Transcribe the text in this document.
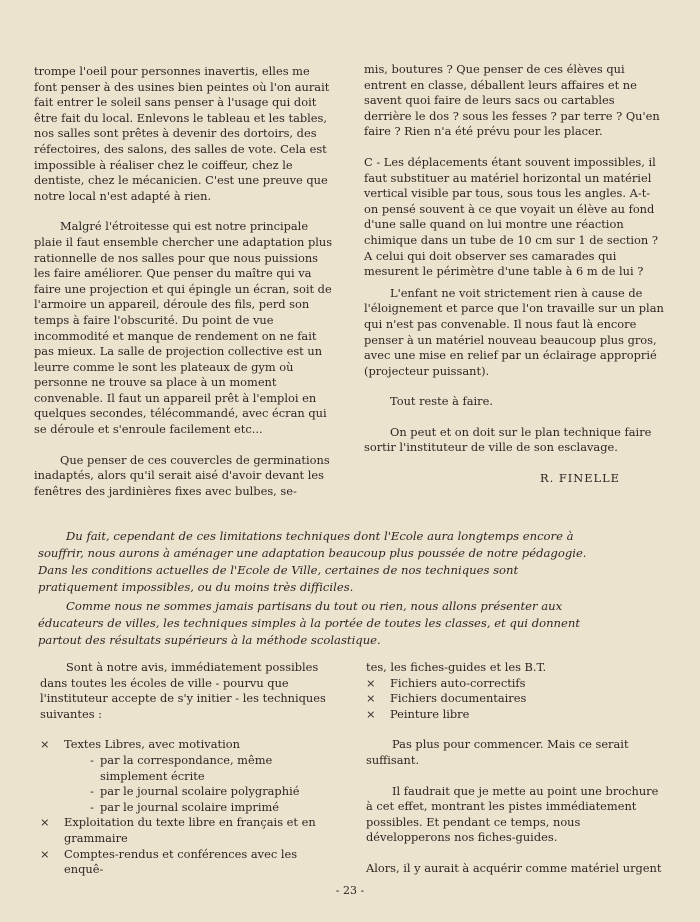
trompe l'oeil pour personnes inavertis, elles me font penser à des usines bien peintes où l'on aurait fait entrer le soleil sans penser à l'usage qui doit être fait du local. Enlevons le tableau et les tables, nos salles sont prêtes à devenir des dortoirs, des réfectoires, des salons, des salles de vote. Cela est impossible à réaliser chez le coiffeur, chez le dentiste, chez le mécanicien. C'est une preuve que notre local n'est adapté à rien.

Malgré l'étroitesse qui est notre principale plaie il faut ensemble chercher une adaptation plus rationnelle de nos salles pour que nous puissions les faire améliorer. Que penser du maître qui va faire une projection et qui épingle un écran, soit de l'armoire un appareil, déroule des fils, perd son temps à faire l'obscurité. Du point de vue incommodité et manque de rendement on ne fait pas mieux. La salle de projection collective est un leurre comme le sont les plateaux de gym où personne ne trouve sa place à un moment convenable. Il faut un appareil prêt à l'emploi en quelques secondes, télécommandé, avec écran qui se déroule et s'enroule facilement etc...

Que penser de ces couvercles de germinations inadaptés, alors qu'il serait aisé d'avoir devant les fenêtres des jardinières fixes avec bulbes, se-

mis, boutures ? Que penser de ces élèves qui entrent en classe, déballent leurs affaires et ne savent quoi faire de leurs sacs ou cartables derrière le dos ? sous les fesses ? par terre ? Qu'en faire ? Rien n'a été prévu pour les placer.

C - Les déplacements étant souvent impossibles, il faut substituer au matériel horizontal un matériel vertical visible par tous, sous tous les angles. A-t-on pensé souvent à ce que voyait un élève au fond d'une salle quand on lui montre une réaction chimique dans un tube de 10 cm sur 1 de section ? A celui qui doit observer ses camarades qui mesurent le périmètre d'une table à 6 m de lui ?

L'enfant ne voit strictement rien à cause de l'éloignement et parce que l'on travaille sur un plan qui n'est pas convenable. Il nous faut là encore penser à un matériel nouveau beaucoup plus gros, avec une mise en relief par un éclairage approprié (projecteur puissant).

Tout reste à faire.

On peut et on doit sur le plan technique faire sortir l'instituteur de ville de son esclavage.

R. FINELLE

Du fait, cependant de ces limitations techniques dont l'Ecole aura longtemps encore à souffrir, nous aurons à aménager une adaptation beaucoup plus poussée de notre pédagogie. Dans les conditions actuelles de l'Ecole de Ville, certaines de nos techniques sont pratiquement impossibles, ou du moins très difficiles.

Comme nous ne sommes jamais partisans du tout ou rien, nous allons présenter aux éducateurs de villes, les techniques simples à la portée de toutes les classes, et qui donnent partout des résultats supérieurs à la méthode scolastique.

Sont à notre avis, immédiatement possibles dans toutes les écoles de ville - pourvu que l'instituteur accepte de s'y initier - les techniques suivantes :

× Textes Libres, avec motivation
- par la correspondance, même simplement écrite
- par le journal scolaire polygraphié
- par le journal scolaire imprimé
× Exploitation du texte libre en français et en grammaire
× Comptes-rendus et conférences avec les enquê-

tes, les fiches-guides et les B.T.

× Fichiers auto-correctifs
× Fichiers documentaires
× Peinture libre

Pas plus pour commencer. Mais ce serait suffisant.

Il faudrait que je mette au point une brochure à cet effet, montrant les pistes immédiatement possibles. Et pendant ce temps, nous développerons nos fiches-guides.

Alors, il y aurait à acquérir comme matériel urgent

- 23 -
